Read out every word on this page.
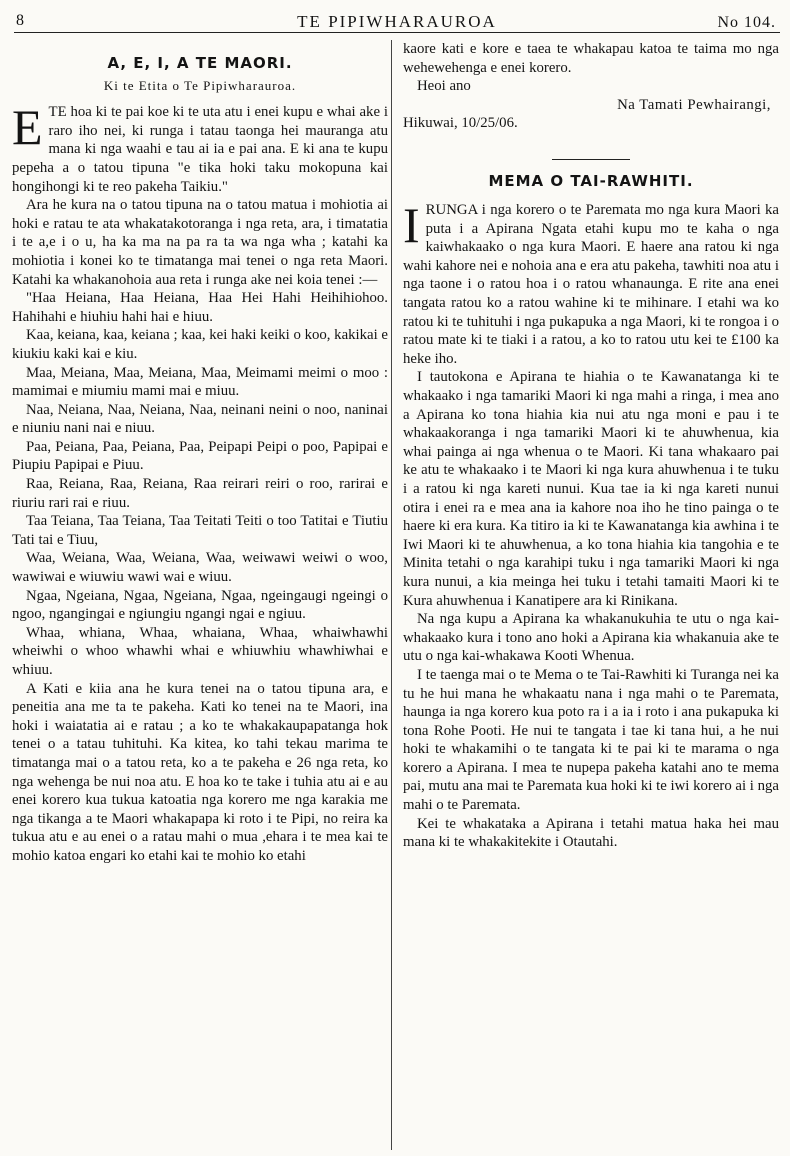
8	TE PIPIWHARAUROA	No 104.
A, E, I, A TE MAORI.
Ki te Etita o Te Pipiwharauroa.

E TE hoa ki te pai koe ki te uta atu i enei kupu e whai ake i raro iho nei, ki runga i tatau taonga hei mauranga atu mana ki nga waahi e tau ai ia e pai ana. E ki ana te kupu pepeha a o tatou tipuna "e tika hoki taku mokopuna kai hongihongi ki te reo pakeha Taikiu."

Ara he kura na o tatou tipuna na o tatou matua i mohiotia ai hoki e ratau te ata whakatakotoranga i nga reta, ara, i timatatia i te a,e i o u, ha ka ma na pa ra ta wa nga wha ; katahi ka mohiotia i konei ko te timatanga mai tenei o nga reta Maori. Katahi ka whakanohoia aua reta i runga ake nei koia tenei :—

"Haa Heiana, Haa Heiana, Haa Hei Hahi Heihihiohoo. Hahihahi e hiuhiu hahi hai e hiuu.

Kaa, keiana, kaa, keiana ; kaa, kei haki keiki o koo, kakikai e kiukiu kaki kai e kiu.

Maa, Meiana, Maa, Meiana, Maa, Meimami meimi o moo : mamimai e miumiu mami mai e miuu.

Naa, Neiana, Naa, Neiana, Naa, neinani neini o noo, naninai e niuniu nani nai e niuu.

Paa, Peiana, Paa, Peiana, Paa, Peipapi Peipi o poo, Papipai e Piupiu Papipai e Piuu.

Raa, Reiana, Raa, Reiana, Raa reirari reiri o roo, rarirai e riuriu rari rai e riuu.

Taa Teiana, Taa Teiana, Taa Teitati Teiti o too Tatitai e Tiutiu Tati tai e Tiuu,

Waa, Weiana, Waa, Weiana, Waa, weiwawi weiwi o woo, wawiwai e wiuwiu wawi wai e wiuu.

Ngaa, Ngeiana, Ngaa, Ngeiana, Ngaa, ngeingaugi ngeingi o ngoo, ngangingai e ngiungiu ngangi ngai e ngiuu.

Whaa, whiana, Whaa, whaiana, Whaa, whaiwhawhi wheiwhi o whoo whawhi whai e whiuwhiu whawhiwhai e whiuu.

A Kati e kiia ana he kura tenei na o tatou tipuna ara, e peneitia ana me ta te pakeha. Kati ko tenei na te Maori, ina hoki i waiatatia ai e ratau ; a ko te whakakaupapatanga hok tenei o a tatau tuhituhi. Ka kitea, ko tahi tekau marima te timatanga mai o a tatou reta, ko a te pakeha e 26 nga reta, ko nga wehenga be nui noa atu. E hoa ko te take i tuhia atu ai e au enei korero kua tukua katoatia nga korero me nga karakia me nga tikanga a te Maori whakapapa ki roto i te Pipi, no reira ka tukua atu e au enei o a ratau mahi o mua ,ehara i te mea kai te mohio katoa engari ko etahi kai te mohio ko etahi

kaore kati e kore e taea te whakapau katoa te taima mo nga wehewehenga e enei korero.

Heoi ano

Na Tamati Pewhairangi,

Hikuwai, 10/25/06.

MEMA O TAI-RAWHITI.

I RUNGA i nga korero o te Paremata mo nga kura Maori ka puta i a Apirana Ngata etahi kupu mo te kaha o nga kaiwhakaako o nga kura Maori. E haere ana ratou ki nga wahi kahore nei e nohoia ana e era atu pakeha, tawhiti noa atu i nga taone i o ratou hoa i o ratou whanaunga. E rite ana enei tangata ratou ko a ratou wahine ki te mihinare. I etahi wa ko ratou ki te tuhituhi i nga pukapuka a nga Maori, ki te rongoa i o ratou mate ki te tiaki i a ratou, a ko to ratou utu kei te £100 ka heke iho.

I tautokona e Apirana te hiahia o te Kawanatanga ki te whakaako i nga tamariki Maori ki nga mahi a ringa, i mea ano a Apirana ko tona hiahia kia nui atu nga moni e pau i te whakaakoranga i nga tamariki Maori ki te ahuwhenua, kia whai painga ai nga whenua o te Maori. Ki tana whakaaro pai ke atu te whakaako i te Maori ki nga kura ahuwhenua i te tuku i a ratou ki nga kareti nunui. Kua tae ia ki nga kareti nunui otira i enei ra e mea ana ia kahore noa iho he tino painga o te haere ki era kura. Ka titiro ia ki te Kawanatanga kia awhina i te Iwi Maori ki te ahuwhenua, a ko tona hiahia kia tangohia e te Minita tetahi o nga karahipi tuku i nga tamariki Maori ki nga kura nunui, a kia meinga hei tuku i tetahi tamaiti Maori ki te Kura ahuwhenua i Kanatipere ara ki Rinikana.

Na nga kupu a Apirana ka whakanukuhia te utu o nga kai-whakaako kura i tono ano hoki a Apirana kia whakanuia ake te utu o nga kai-whakawa Kooti Whenua.

I te taenga mai o te Mema o te Tai-Rawhiti ki Turanga nei ka tu he hui mana he whakaatu nana i nga mahi o te Paremata, haunga ia nga korero kua poto ra i a ia i roto i ana pukapuka ki tona Rohe Pooti. He nui te tangata i tae ki tana hui, a he nui hoki te whakamihi o te tangata ki te pai ki te marama o nga korero a Apirana. I mea te nupepa pakeha katahi ano te mema pai, mutu ana mai te Paremata kua hoki ki te iwi korero ai i nga mahi o te Paremata.

Kei te whakataka a Apirana i tetahi matua haka hei mau mana ki te whakakitekite i Otautahi.
